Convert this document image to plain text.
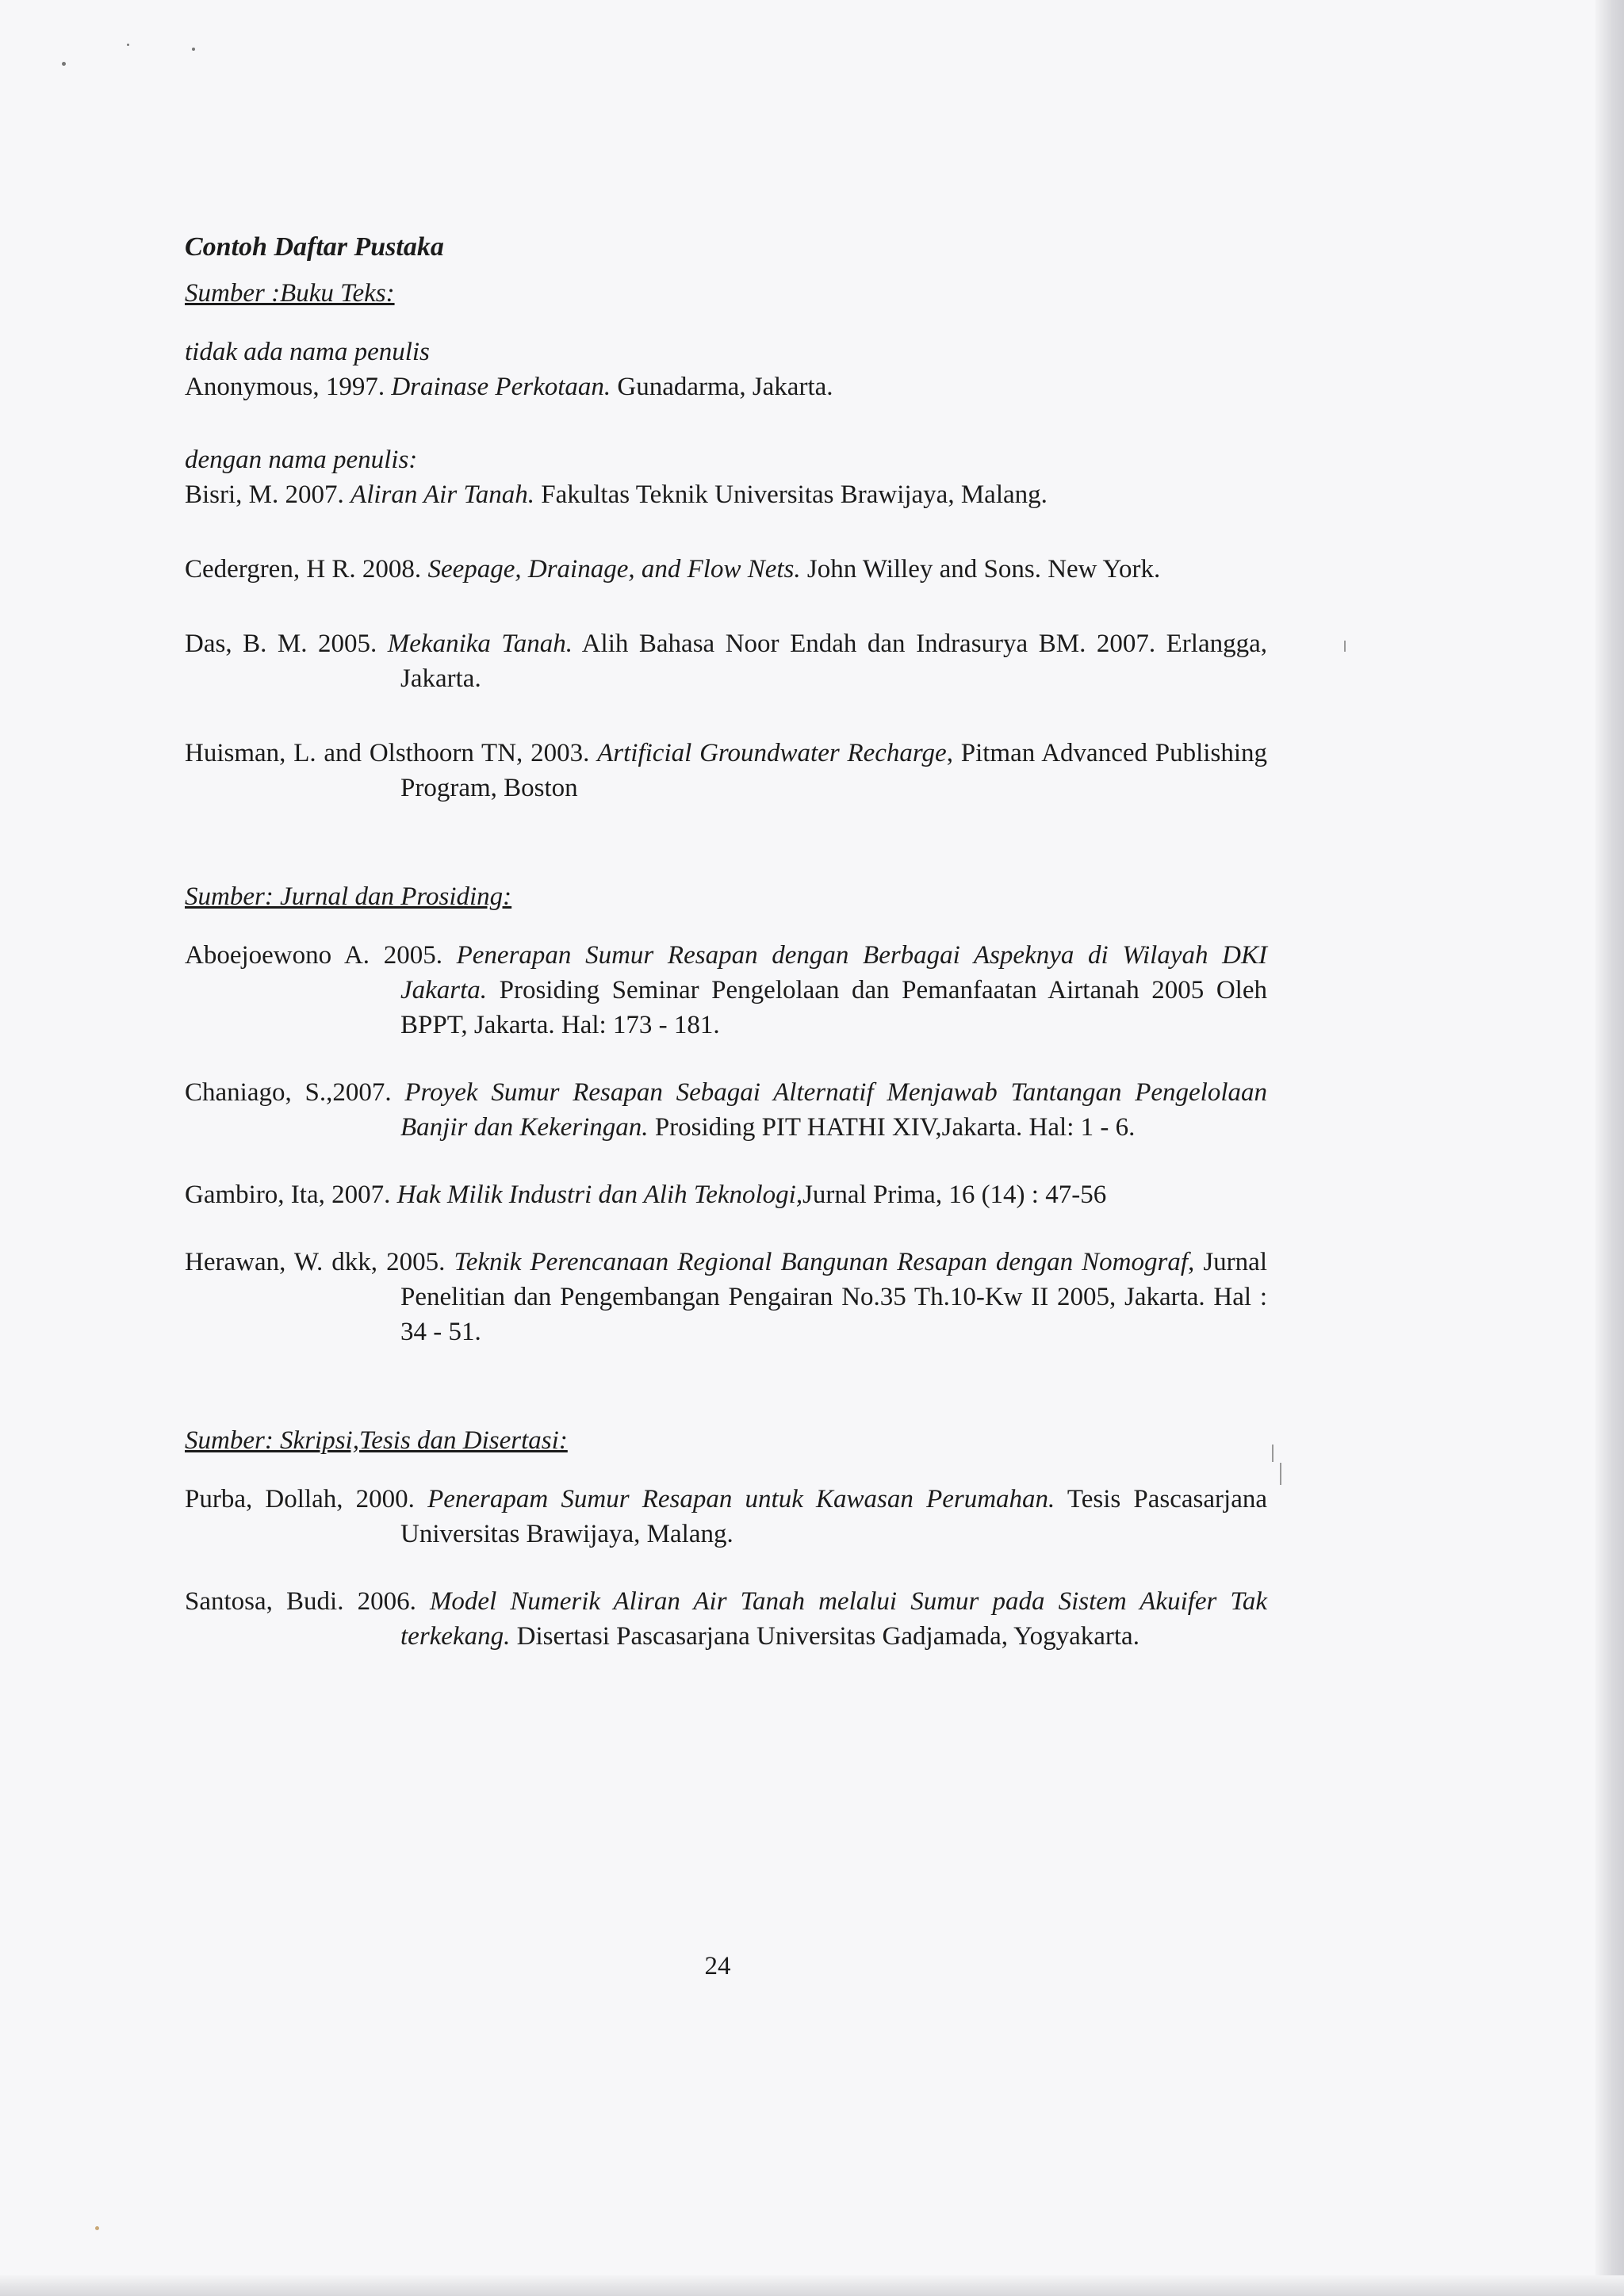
Contoh Daftar Pustaka

Sumber :Buku Teks:

tidak ada nama penulis

Anonymous, 1997. Drainase Perkotaan. Gunadarma, Jakarta.

dengan nama penulis:

Bisri, M. 2007. Aliran Air Tanah. Fakultas Teknik Universitas Brawijaya, Malang.

Cedergren, H R. 2008. Seepage, Drainage, and Flow Nets. John Willey and Sons. New York.

Das, B. M. 2005. Mekanika Tanah. Alih Bahasa Noor Endah dan Indrasurya BM. 2007. Erlangga, Jakarta.

Huisman, L. and Olsthoorn TN, 2003. Artificial Groundwater Recharge, Pitman Advanced Publishing Program, Boston

Sumber: Jurnal dan Prosiding:

Aboejoewono A. 2005. Penerapan Sumur Resapan dengan Berbagai Aspeknya di Wilayah DKI Jakarta. Prosiding Seminar Pengelolaan dan Pemanfaatan Airtanah 2005 Oleh BPPT, Jakarta. Hal: 173 - 181.

Chaniago, S.,2007. Proyek Sumur Resapan Sebagai Alternatif Menjawab Tantangan Pengelolaan Banjir dan Kekeringan. Prosiding PIT HATHI XIV,Jakarta. Hal: 1 - 6.

Gambiro, Ita, 2007. Hak Milik Industri dan Alih Teknologi,Jurnal Prima, 16 (14) : 47-56

Herawan, W. dkk, 2005. Teknik Perencanaan Regional Bangunan Resapan dengan Nomograf, Jurnal Penelitian dan Pengembangan Pengairan No.35 Th.10-Kw II 2005, Jakarta. Hal : 34 - 51.

Sumber: Skripsi,Tesis dan Disertasi:

Purba, Dollah, 2000. Penerapam Sumur Resapan untuk Kawasan Perumahan. Tesis Pascasarjana Universitas Brawijaya, Malang.

Santosa, Budi. 2006. Model Numerik Aliran Air Tanah melalui Sumur pada Sistem Akuifer Tak terkekang. Disertasi Pascasarjana Universitas Gadjamada, Yogyakarta.

24
